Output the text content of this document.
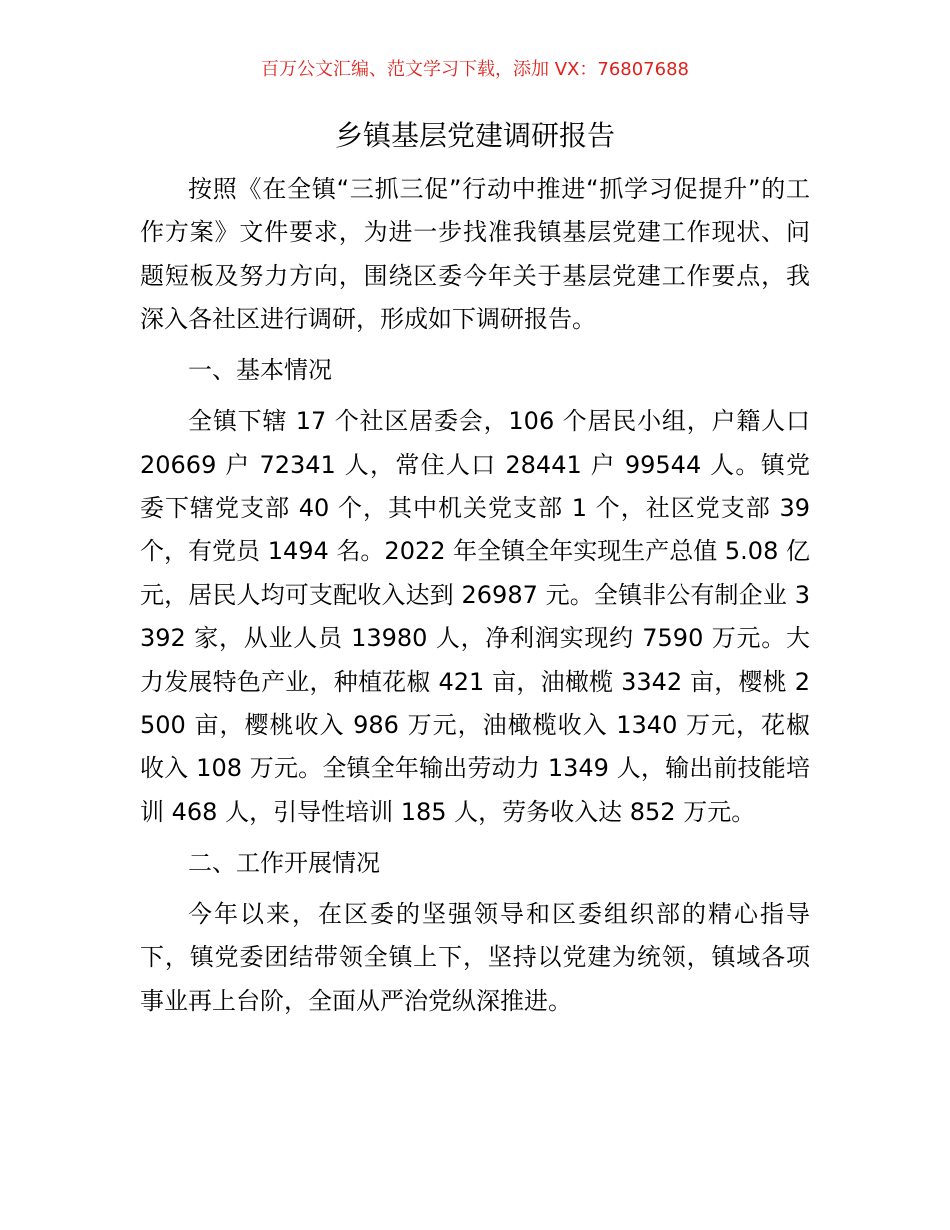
百万公文汇编、范文学习下载，添加 VX：76807688
乡镇基层党建调研报告

按照《在全镇“三抓三促”行动中推进“抓学习促提升”的工作方案》文件要求，为进一步找准我镇基层党建工作现状、问题短板及努力方向，围绕区委今年关于基层党建工作要点，我深入各社区进行调研，形成如下调研报告。

一、基本情况

全镇下辖 17 个社区居委会，106 个居民小组，户籍人口 20669 户 72341 人，常住人口 28441 户 99544 人。镇党委下辖党支部 40 个，其中机关党支部 1 个，社区党支部 39 个，有党员 1494 名。2022 年全镇全年实现生产总值 5.08 亿元，居民人均可支配收入达到 26987 元。全镇非公有制企业 3392 家，从业人员 13980 人，净利润实现约 7590 万元。大力发展特色产业，种植花椒 421 亩，油橄榄 3342 亩，樱桃 2500 亩，樱桃收入 986 万元，油橄榄收入 1340 万元，花椒收入 108 万元。全镇全年输出劳动力 1349 人，输出前技能培训 468 人，引导性培训 185 人，劳务收入达 852 万元。

二、工作开展情况

今年以来，在区委的坚强领导和区委组织部的精心指导下，镇党委团结带领全镇上下，坚持以党建为统领，镇域各项事业再上台阶，全面从严治党纵深推进。
